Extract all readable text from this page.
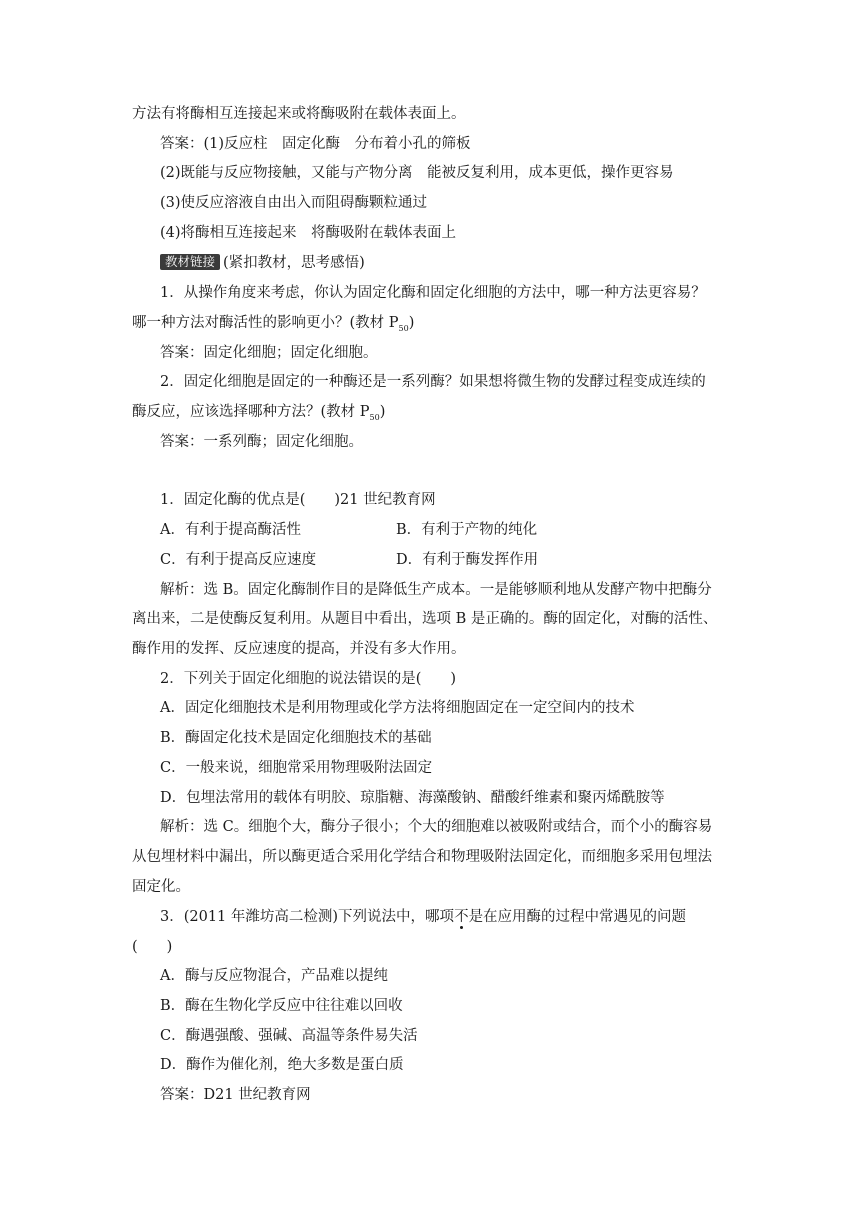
方法有将酶相互连接起来或将酶吸附在载体表面上。
答案：(1)反应柱　固定化酶　分布着小孔的筛板
(2)既能与反应物接触，又能与产物分离　能被反复利用，成本更低，操作更容易
(3)使反应溶液自由出入而阻碍酶颗粒通过
(4)将酶相互连接起来　将酶吸附在载体表面上
教材链接 (紧扣教材，思考感悟)
1．从操作角度来考虑，你认为固定化酶和固定化细胞的方法中，哪一种方法更容易？
哪一种方法对酶活性的影响更小？(教材 $P_{50}$)
答案：固定化细胞；固定化细胞。
2．固定化细胞是固定的一种酶还是一系列酶？如果想将微生物的发酵过程变成连续的
酶反应，应该选择哪种方法？(教材 $P_{50}$)
答案：一系列酶；固定化细胞。
1．固定化酶的优点是(　　)21 世纪教育网
A．有利于提高酶活性	B．有利于产物的纯化
C．有利于提高反应速度	D．有利于酶发挥作用
解析：选 B。固定化酶制作目的是降低生产成本。一是能够顺利地从发酵产物中把酶分
离出来，二是使酶反复利用。从题目中看出，选项 B 是正确的。酶的固定化，对酶的活性、
酶作用的发挥、反应速度的提高，并没有多大作用。
2．下列关于固定化细胞的说法错误的是(　　)
A．固定化细胞技术是利用物理或化学方法将细胞固定在一定空间内的技术
B．酶固定化技术是固定化细胞技术的基础
C．一般来说，细胞常采用物理吸附法固定
D．包埋法常用的载体有明胶、琼脂糖、海藻酸钠、醋酸纤维素和聚丙烯酰胺等
解析：选 C。细胞个大，酶分子很小；个大的细胞难以被吸附或结合，而个小的酶容易
从包埋材料中漏出，所以酶更适合采用化学结合和物理吸附法固定化，而细胞多采用包埋法
固定化。
3．(2011 年潍坊高二检测)下列说法中，哪项不是在应用酶的过程中常遇见的问题
(　　)
A．酶与反应物混合，产品难以提纯
B．酶在生物化学反应中往往难以回收
C．酶遇强酸、强碱、高温等条件易失活
D．酶作为催化剂，绝大多数是蛋白质
答案：D21 世纪教育网
